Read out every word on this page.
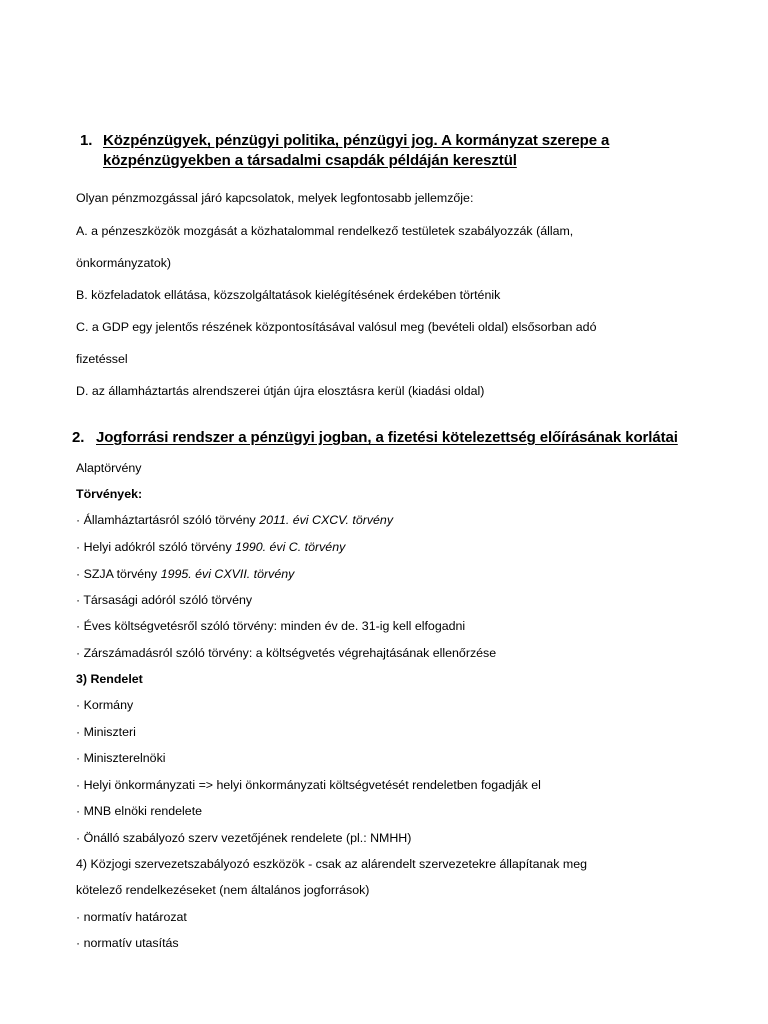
1. Közpénzügyek, pénzügyi politika, pénzügyi jog. A kormányzat szerepe a
közpénzügyekben a társadalmi csapdák példáján keresztül
Olyan pénzmozgással járó kapcsolatok, melyek legfontosabb jellemzője:
A. a pénzeszközök mozgását a közhatalommal rendelkező testületek szabályozzák (állam,
önkormányzatok)
B. közfeladatok ellátása, közszolgáltatások kielégítésének érdekében történik
C. a GDP egy jelentős részének központosításával valósul meg (bevételi oldal) elsősorban adó
fizetéssel
D. az államháztartás alrendszerei útján újra elosztásra kerül (kiadási oldal)
2. Jogforrási rendszer a pénzügyi jogban, a fizetési kötelezettség előírásának korlátai
Alaptörvény
Törvények:
· Államháztartásról szóló törvény 2011. évi CXCV. törvény
· Helyi adókról szóló törvény 1990. évi C. törvény
· SZJA törvény 1995. évi CXVII. törvény
· Társasági adóról szóló törvény
· Éves költségvetésről szóló törvény: minden év de. 31-ig kell elfogadni
· Zárszámadásról szóló törvény: a költségvetés végrehajtásának ellenőrzése
3) Rendelet
· Kormány
· Miniszteri
· Miniszterelnöki
· Helyi önkormányzati => helyi önkormányzati költségvetését rendeletben fogadják el
· MNB elnöki rendelete
· Önálló szabályozó szerv vezetőjének rendelete (pl.: NMHH)
4) Közjogi szervezetszabályozó eszközök - csak az alárendelt szervezetekre állapítanak meg
kötelező rendelkezéseket (nem általános jogforrások)
· normatív határozat
· normatív utasítás
